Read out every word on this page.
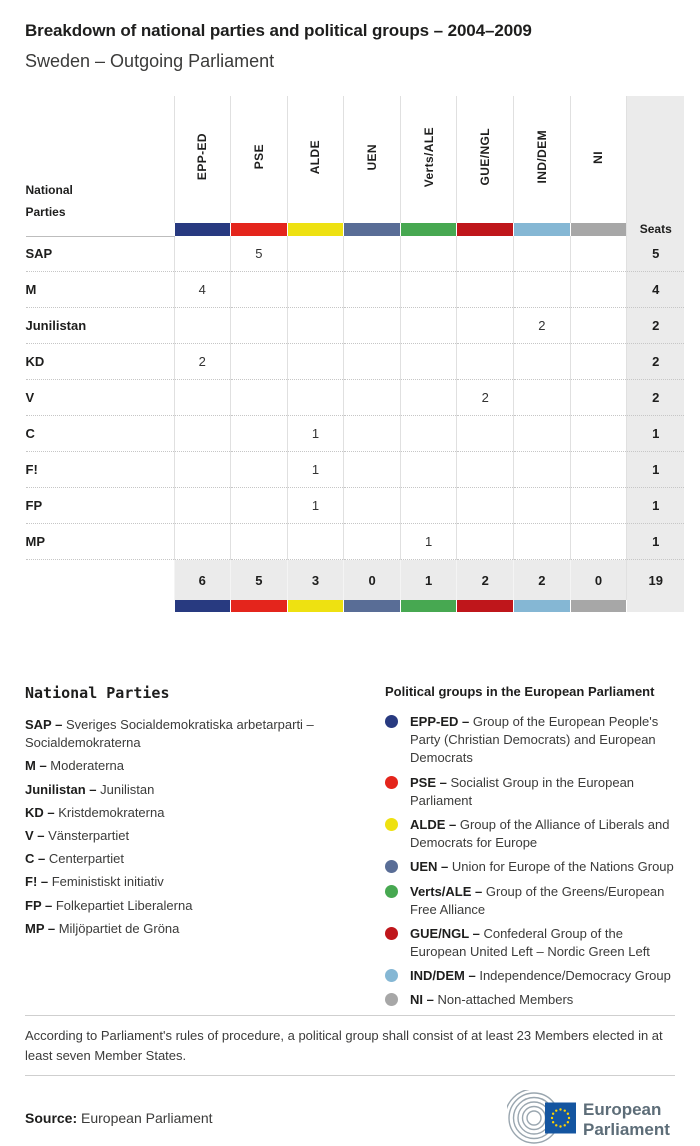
Breakdown of national parties and political groups – 2004–2009

Sweden – Outgoing Parliament

National Parties	EPP-ED	PSE	ALDE	UEN	Verts/ALE	GUE/NGL	IND/DEM	NI	Seats

SAP		5							5
M	4								4
Junilistan							2		2
KD	2								2
V						2			2
C			1						1
F!			1						1
FP			1						1
MP					1				1
	6	5	3	0	1	2	2	0	19

National Parties

SAP – Sveriges Socialdemokratiska arbetarparti – Socialdemokraterna

M – Moderaterna

Junilistan – Junilistan

KD – Kristdemokraterna

V – Vänsterpartiet

C – Centerpartiet

F! – Feministiskt initiativ

FP – Folkepartiet Liberalerna

MP – Miljöpartiet de Gröna

Political groups in the European Parliament

EPP-ED – Group of the European People's Party (Christian Democrats) and European Democrats

PSE – Socialist Group in the European Parliament

ALDE – Group of the Alliance of Liberals and Democrats for Europe

UEN – Union for Europe of the Nations Group

Verts/ALE – Group of the Greens/European Free Alliance

GUE/NGL – Confederal Group of the European United Left – Nordic Green Left

IND/DEM – Independence/Democracy Group

NI – Non-attached Members

According to Parliament's rules of procedure, a political group shall consist of at least 23 Members elected in at least seven Member States.

Source: European Parliament	European
Parliament
